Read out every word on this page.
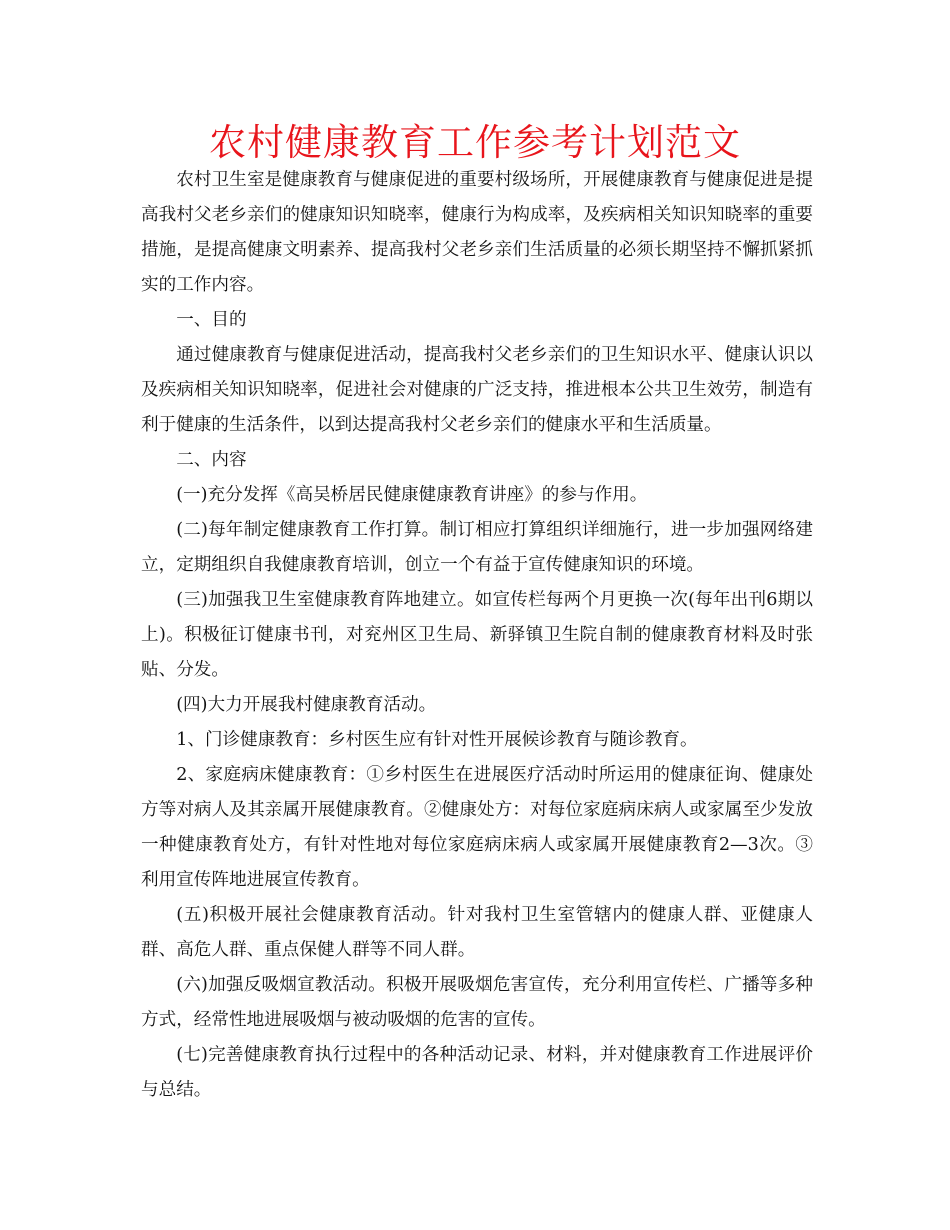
农村健康教育工作参考计划范文

农村卫生室是健康教育与健康促进的重要村级场所，开展健康教育与健康促进是提高我村父老乡亲们的健康知识知晓率，健康行为构成率，及疾病相关知识知晓率的重要措施，是提高健康文明素养、提高我村父老乡亲们生活质量的必须长期坚持不懈抓紧抓实的工作内容。

一、目的

通过健康教育与健康促进活动，提高我村父老乡亲们的卫生知识水平、健康认识以及疾病相关知识知晓率，促进社会对健康的广泛支持，推进根本公共卫生效劳，制造有利于健康的生活条件，以到达提高我村父老乡亲们的健康水平和生活质量。

二、内容

(一)充分发挥《高吴桥居民健康健康教育讲座》的参与作用。

(二)每年制定健康教育工作打算。制订相应打算组织详细施行，进一步加强网络建立，定期组织自我健康教育培训，创立一个有益于宣传健康知识的环境。

(三)加强我卫生室健康教育阵地建立。如宣传栏每两个月更换一次(每年出刊6期以上)。积极征订健康书刊，对兖州区卫生局、新驿镇卫生院自制的健康教育材料及时张贴、分发。

(四)大力开展我村健康教育活动。

1、门诊健康教育：乡村医生应有针对性开展候诊教育与随诊教育。

2、家庭病床健康教育：①乡村医生在进展医疗活动时所运用的健康征询、健康处方等对病人及其亲属开展健康教育。②健康处方：对每位家庭病床病人或家属至少发放一种健康教育处方，有针对性地对每位家庭病床病人或家属开展健康教育2—3次。③利用宣传阵地进展宣传教育。

(五)积极开展社会健康教育活动。针对我村卫生室管辖内的健康人群、亚健康人群、高危人群、重点保健人群等不同人群。

(六)加强反吸烟宣教活动。积极开展吸烟危害宣传，充分利用宣传栏、广播等多种方式，经常性地进展吸烟与被动吸烟的危害的宣传。

(七)完善健康教育执行过程中的各种活动记录、材料，并对健康教育工作进展评价与总结。
